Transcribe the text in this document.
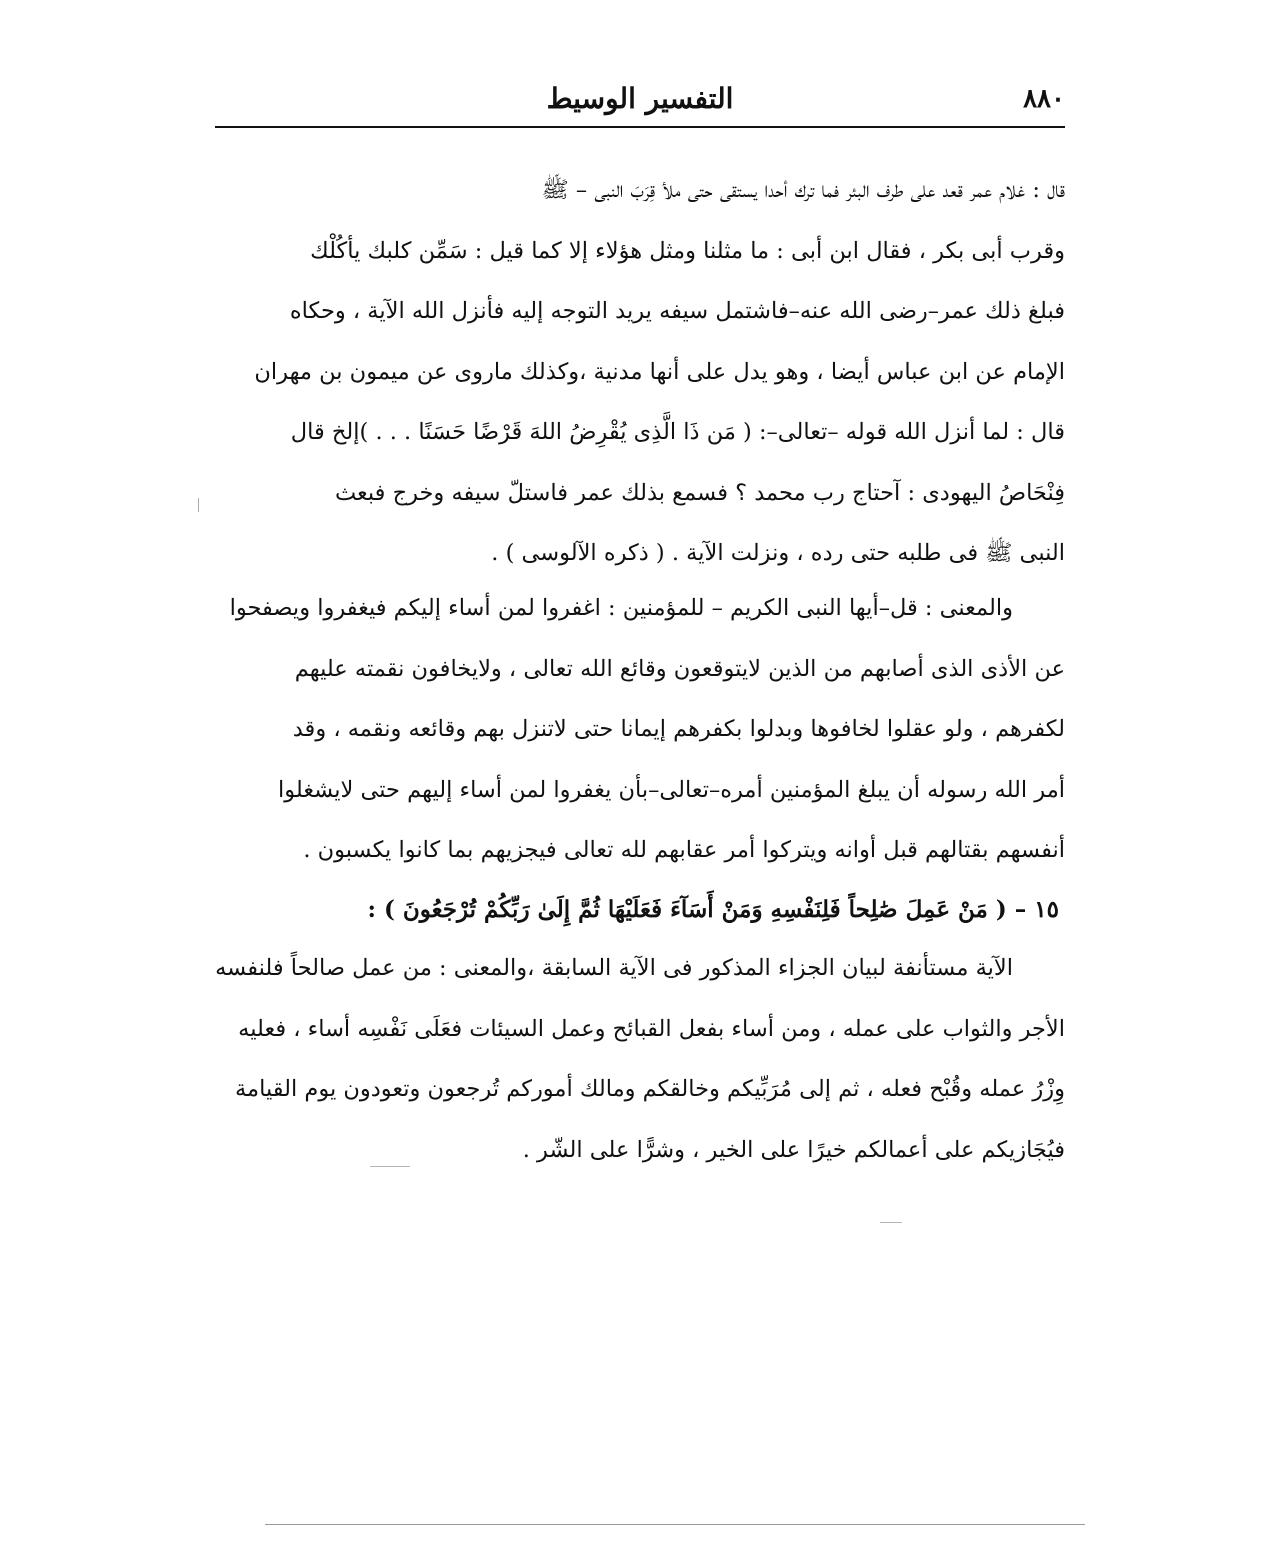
٨٨٠
التفسير الوسيط
قال : غلام عمر قعد على طرف البئر فما ترك أحدا يستقى حتى ملأ قِرَبَ النبى – ﷺ
وقرب أبى بكر ، فقال ابن أبى : ما مثلنا ومثل هؤلاء إلا كما قيل : سَمِّن كلبك يأكُلْك
فبلغ ذلك عمر–رضى الله عنه–فاشتمل سيفه يريد التوجه إليه فأنزل الله الآية ، وحكاه
الإمام عن ابن عباس أيضا ، وهو يدل على أنها مدنية ،وكذلك ماروى عن ميمون بن مهران
قال : لما أنزل الله قوله –تعالى–: ( مَن ذَا الَّذِى يُقْرِضُ اللهَ قَرْضًا حَسَنًا . . . )إلخ قال
فِنْحَاصُ اليهودى : آحتاج رب محمد ؟ فسمع بذلك عمر فاستلّ سيفه وخرج فبعث
النبى ﷺ فى طلبه حتى رده ، ونزلت الآية . ( ذكره الآلوسى ) .
والمعنى : قل–أيها النبى الكريم – للمؤمنين : اغفروا لمن أساء إليكم فيغفروا ويصفحوا
عن الأذى الذى أصابهم من الذين لايتوقعون وقائع الله تعالى ، ولايخافون نقمته عليهم
لكفرهم ، ولو عقلوا لخافوها وبدلوا بكفرهم إيمانا حتى لاتنزل بهم وقائعه ونقمه ، وقد
أمر الله رسوله أن يبلغ المؤمنين أمره–تعالى–بأن يغفروا لمن أساء إليهم حتى لايشغلوا
أنفسهم بقتالهم قبل أوانه ويتركوا أمر عقابهم لله تعالى فيجزيهم بما كانوا يكسبون .
١٥ – ( مَنْ عَمِلَ صَٰلِحاً فَلِنَفْسِهِ وَمَنْ أَسَآءَ فَعَلَيْهَا ثُمَّ إِلَىٰ رَبِّكُمْ تُرْجَعُونَ ) :
الآية مستأنفة لبيان الجزاء المذكور فى الآية السابقة ،والمعنى : من عمل صالحاً فلنفسه
الأجر والثواب على عمله ، ومن أساء بفعل القبائح وعمل السيئات فعَلَى نَفْسِه أساء ، فعليه
وِزْرُ عمله وقُبْح فعله ، ثم إلى مُرَبِّيكم وخالقكم ومالك أموركم تُرجعون وتعودون يوم القيامة
فيُجَازيكم على أعمالكم خيرًا على الخير ، وشرًّا على الشّر .
